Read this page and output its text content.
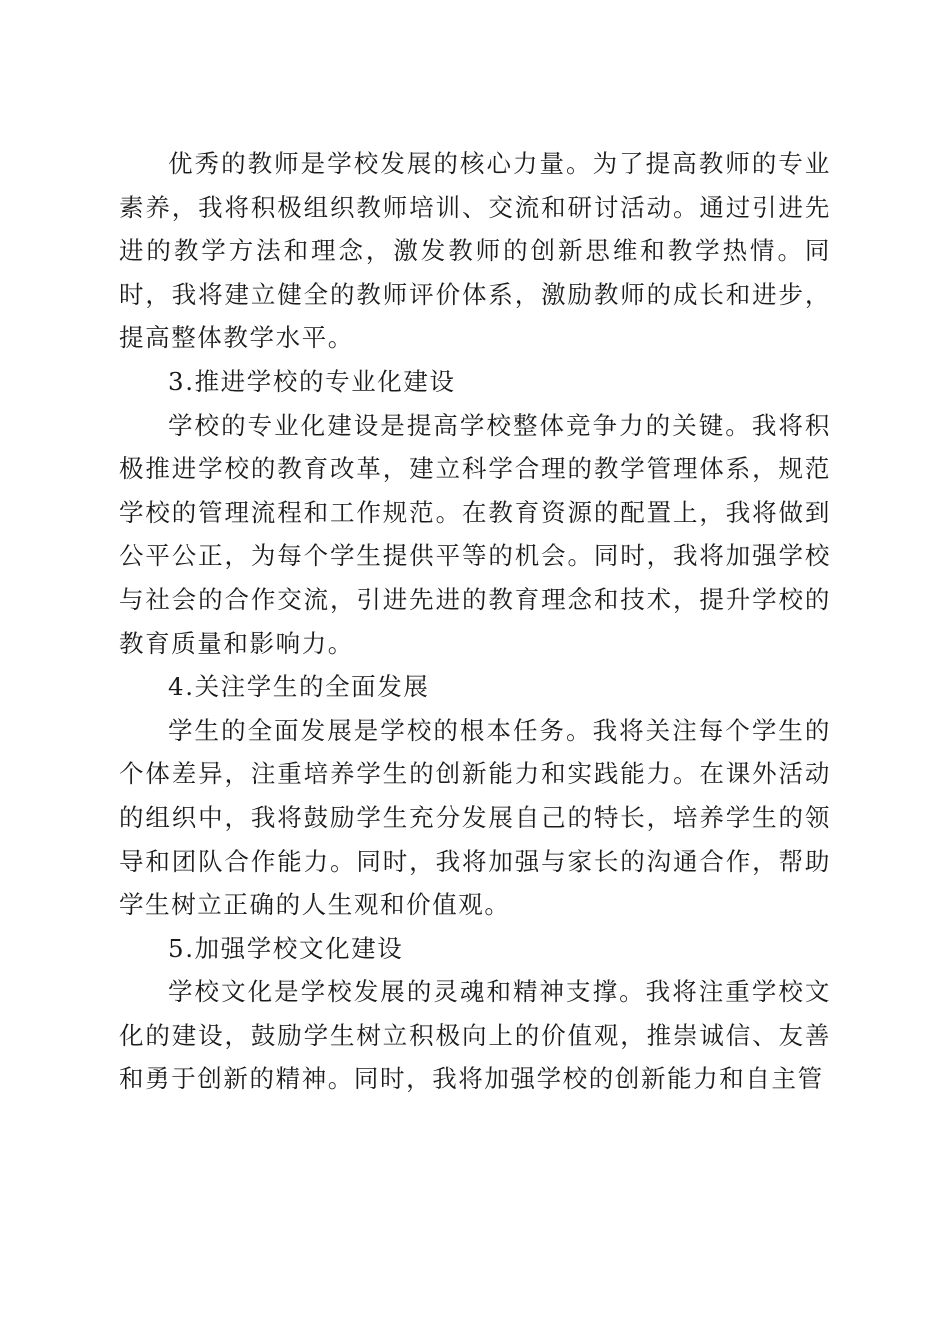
优秀的教师是学校发展的核心力量。为了提高教师的专业素养，我将积极组织教师培训、交流和研讨活动。通过引进先进的教学方法和理念，激发教师的创新思维和教学热情。同时，我将建立健全的教师评价体系，激励教师的成长和进步，提高整体教学水平。

3.推进学校的专业化建设

学校的专业化建设是提高学校整体竞争力的关键。我将积极推进学校的教育改革，建立科学合理的教学管理体系，规范学校的管理流程和工作规范。在教育资源的配置上，我将做到公平公正，为每个学生提供平等的机会。同时，我将加强学校与社会的合作交流，引进先进的教育理念和技术，提升学校的教育质量和影响力。

4.关注学生的全面发展

学生的全面发展是学校的根本任务。我将关注每个学生的个体差异，注重培养学生的创新能力和实践能力。在课外活动的组织中，我将鼓励学生充分发展自己的特长，培养学生的领导和团队合作能力。同时，我将加强与家长的沟通合作，帮助学生树立正确的人生观和价值观。

5.加强学校文化建设

学校文化是学校发展的灵魂和精神支撑。我将注重学校文化的建设，鼓励学生树立积极向上的价值观，推崇诚信、友善和勇于创新的精神。同时，我将加强学校的创新能力和自主管
